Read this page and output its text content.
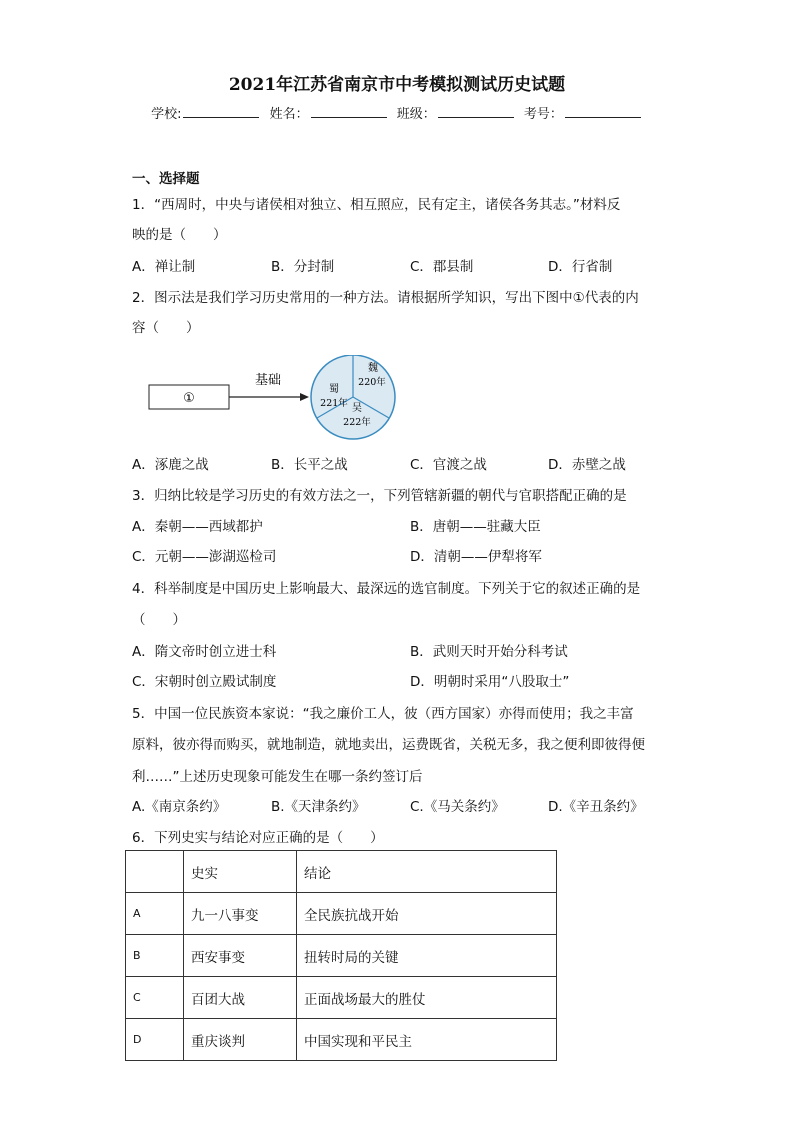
2021年江苏省南京市中考模拟测试历史试题
学校:	姓名：	班级：	考号：
一、选择题
1．“西周时，中央与诸侯相对独立、相互照应，民有定主，诸侯各务其志。”材料反
映的是（　　）
A．禅让制	B．分封制	C．郡县制	D．行省制
2．图示法是我们学习历史常用的一种方法。请根据所学知识，写出下图中①代表的内
容（　　）
①
基础
魏
220年
蜀
221年 吴
222年
A．涿鹿之战	B．长平之战	C．官渡之战	D．赤壁之战
3．归纳比较是学习历史的有效方法之一，下列管辖新疆的朝代与官职搭配正确的是
A．秦朝——西域都护	B．唐朝——驻藏大臣
C．元朝——澎湖巡检司	D．清朝——伊犁将军
4．科举制度是中国历史上影响最大、最深远的选官制度。下列关于它的叙述正确的是
（　　）
A．隋文帝时创立进士科	B．武则天时开始分科考试
C．宋朝时创立殿试制度	D．明朝时采用“八股取士”
5．中国一位民族资本家说：“我之廉价工人，彼（西方国家）亦得而使用；我之丰富
原料，彼亦得而购买，就地制造，就地卖出，运费既省，关税无多，我之便利即彼得便
利……”上述历史现象可能发生在哪一条约签订后
A.《南京条约》	B.《天津条约》	C.《马关条约》	D.《辛丑条约》
6．下列史实与结论对应正确的是（　　）
	史实	结论
A	九一八事变	全民族抗战开始
B	西安事变	扭转时局的关键
C	百团大战	正面战场最大的胜仗
D	重庆谈判	中国实现和平民主
